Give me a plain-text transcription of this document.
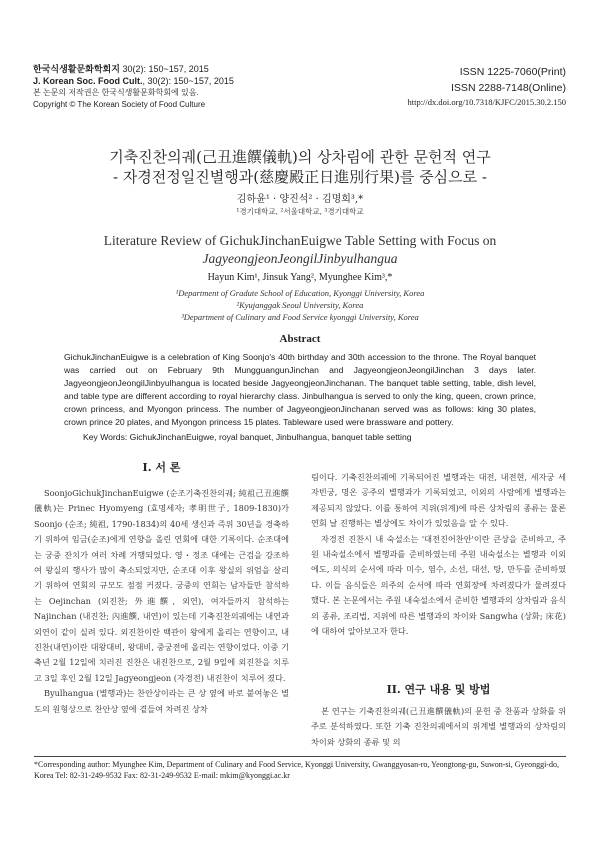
한국식생활문화학회지 30(2): 150~157, 2015
J. Korean Soc. Food Cult., 30(2): 150~157, 2015
본 논문의 저작권은 한국식생활문화학회에 있음.
Copyright © The Korean Society of Food Culture
ISSN 1225-7060(Print)
ISSN 2288-7148(Online)
http://dx.doi.org/10.7318/KJFC/2015.30.2.150
기축진찬의궤(己丑進饌儀軌)의 상차림에 관한 문헌적 연구
- 자경전정일진별행과(慈慶殿正日進別行果)를 중심으로 -
김하윤¹ · 양진석² · 김명희³,*
¹경기대학교, ²서울대학교, ³경기대학교
Literature Review of GichukJinchanEuigwe Table Setting with Focus on
JagyeongjeonJeongilJinbyulhangua
Hayun Kim¹, Jinsuk Yang², Myunghee Kim³,*
¹Department of Gradute School of Education, Kyonggi University, Korea
²Kyujanggak Seoul University, Korea
³Department of Culinary and Food Service kyonggi University, Korea
Abstract
GichukJinchanEuigwe is a celebration of King Soonjo's 40th birthday and 30th accession to the throne. The Royal banquet was carried out on February 9th MungguangunJinchan and JagyeongjeonJeongilJinchan 3 days later. JagyeongjeonJeongilJinbyulhangua is located beside JagyeongjeonJinchanan. The banquet table setting, table, dish level, and table type are different according to royal hierarchy class. Jinbulhangua is served to only the king, queen, crown prince, crown princess, and Myongon princess. The number of JagyeongjeonJinchanan served was as follows: king 30 plates, crown prince 20 plates, and Myongon princess 15 plates. Tableware used were brassware and pottery.
Key Words: GichukJinchanEuigwe, royal banquet, Jinbulhangua, banquet table setting
I. 서 론

SoonjoGichukJinchanEuigwe (순조기축진찬의궤; 純祖己丑進饌儀軌)는 Prinec Hyomyeng (효명세자; 孝明世子, 1809-1830)가 Soonjo (순조; 純祖, 1790-1834)의 40세 생신과 즉위 30년을 경축하기 위하여 임금(순조)에게 연향을 올린 연회에 대한 기록이다. 순조대에는 궁중 잔치가 여러 차례 거행되었다. 영・정조 대에는 근검을 강조하여 왕실의 행사가 많이 축소되었지만, 순조대 이후 왕실의 위엄을 살리기 위하여 연회의 규모도 점점 커졌다. 궁중의 연회는 남자들만 참석하는 Oejinchan (외진찬; 外進饌, 외연), 여자들까지 참석하는 Najinchan (내진찬; 內進饌, 내연)이 있는데 기축진찬의궤에는 내연과 외연이 같이 실려 있다. 외진찬이란 백관이 왕에게 올리는 연향이고, 내진찬(내연)이란 대왕대비, 왕대비, 중궁전에 올리는 연향이었다. 이중 기축년 2월 12일에 치러진 진찬은 내진찬으로, 2월 9일에 외진찬을 치루고 3일 후인 2월 12일 Jagyeongjeon (자경전) 내진찬이 치루어 졌다.

Byulhangua (별행과)는 찬안상이라는 큰 상 옆에 바로 붙여놓은 별도의 원형상으로 찬안상 옆에 곁들여 차려진 상차

림이다. 기축진찬의궤에 기록되어진 별행과는 대전, 내전현, 세자궁 세자빈궁, 명온 공주의 별행과가 기록되었고, 이외의 사람에게 별행과는 제공되지 않았다. 이를 통하여 지위(위계)에 따른 상차림의 종류는 물론 연회 날 진행하는 별상에도 차이가 있었음을 알 수 있다.

자경전 진찬시 내 숙설소는 '대전진어찬안'이란 큰상을 준비하고, 주원 내숙설소에서 별행과를 준비하였는데 주원 내숙설소는 별행과 이외에도, 의식의 순서에 따라 미수, 염수, 소선, 대선, 탕, 만두를 준비하였다. 이들 음식들은 의주의 순서에 따라 연회장에 차려졌다가 물려졌다 했다. 본 논문에서는 주원 내숙설소에서 준비한 별행과의 상차림과 음식의 종류, 조리법, 지위에 따른 별행과의 차이와 Sangwha (상화; 床花)에 대하여 알아보고자 한다.

II. 연구 내용 및 방법

본 연구는 기축진찬의궤(己丑進饌儀軌)의 문헌 중 찬품과 상화를 위주로 분석하였다. 또한 기축 진찬의궤에서의 위계별 별행과의 상차림의 차이와 상화의 종류 및 의

*Corresponding author: Myunghee Kim, Department of Culinary and Food Service, Kyonggi University, Gwanggyosan-ro, Yeongtong-gu, Suwon-si, Gyeonggi-do, Korea Tel: 82-31-249-9532 Fax: 82-31-249-9532 E-mail: mkim@kyonggi.ac.kr
